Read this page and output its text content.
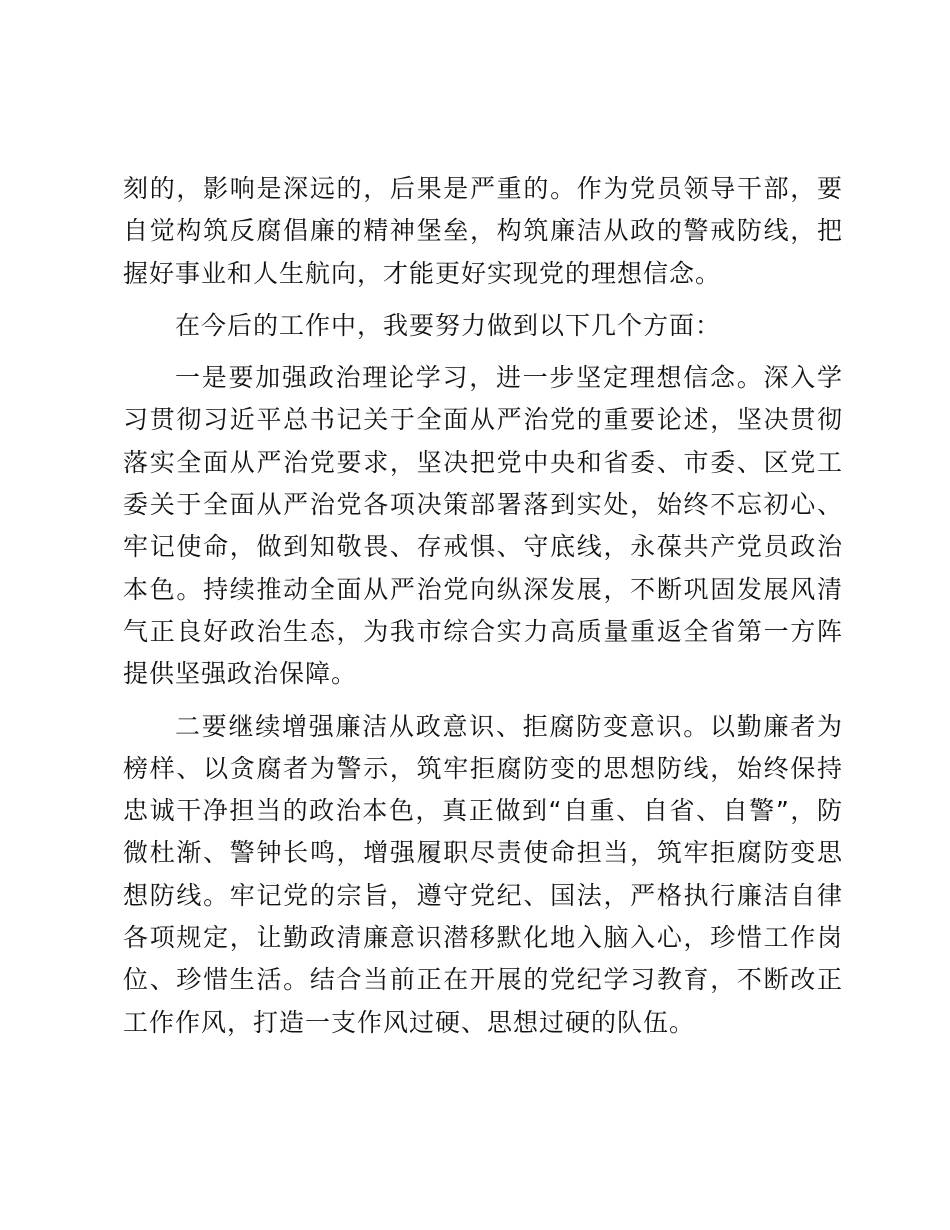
刻的，影响是深远的，后果是严重的。作为党员领导干部，要自觉构筑反腐倡廉的精神堡垒，构筑廉洁从政的警戒防线，把握好事业和人生航向，才能更好实现党的理想信念。

在今后的工作中，我要努力做到以下几个方面：

一是要加强政治理论学习，进一步坚定理想信念。深入学习贯彻习近平总书记关于全面从严治党的重要论述，坚决贯彻落实全面从严治党要求，坚决把党中央和省委、市委、区党工委关于全面从严治党各项决策部署落到实处，始终不忘初心、牢记使命，做到知敬畏、存戒惧、守底线，永葆共产党员政治本色。持续推动全面从严治党向纵深发展，不断巩固发展风清气正良好政治生态，为我市综合实力高质量重返全省第一方阵提供坚强政治保障。

二要继续增强廉洁从政意识、拒腐防变意识。以勤廉者为榜样、以贪腐者为警示，筑牢拒腐防变的思想防线，始终保持忠诚干净担当的政治本色，真正做到“自重、自省、自警”，防微杜渐、警钟长鸣，增强履职尽责使命担当，筑牢拒腐防变思想防线。牢记党的宗旨，遵守党纪、国法，严格执行廉洁自律各项规定，让勤政清廉意识潜移默化地入脑入心，珍惜工作岗位、珍惜生活。结合当前正在开展的党纪学习教育，不断改正工作作风，打造一支作风过硬、思想过硬的队伍。
